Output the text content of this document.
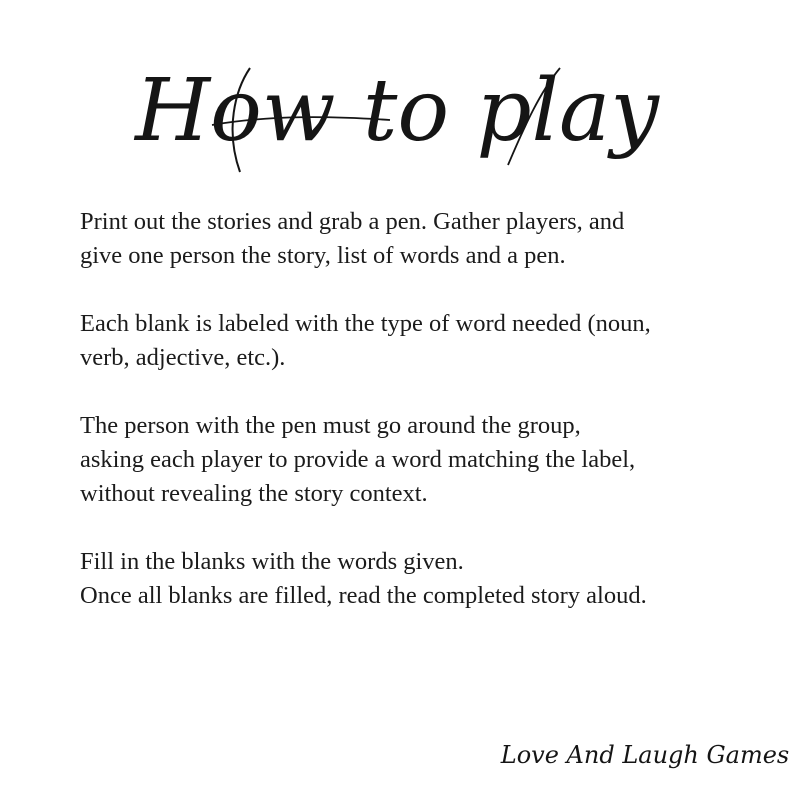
How to play

Print out the stories and grab a pen. Gather players, and
give one person the story, list of words and a pen.

Each blank is labeled with the type of word needed (noun,
verb, adjective, etc.).

The person with the pen must go around the group,
asking each player to provide a word matching the label,
without revealing the story context.

Fill in the blanks with the words given.
Once all blanks are filled, read the completed story aloud.

Love And Laugh Games
